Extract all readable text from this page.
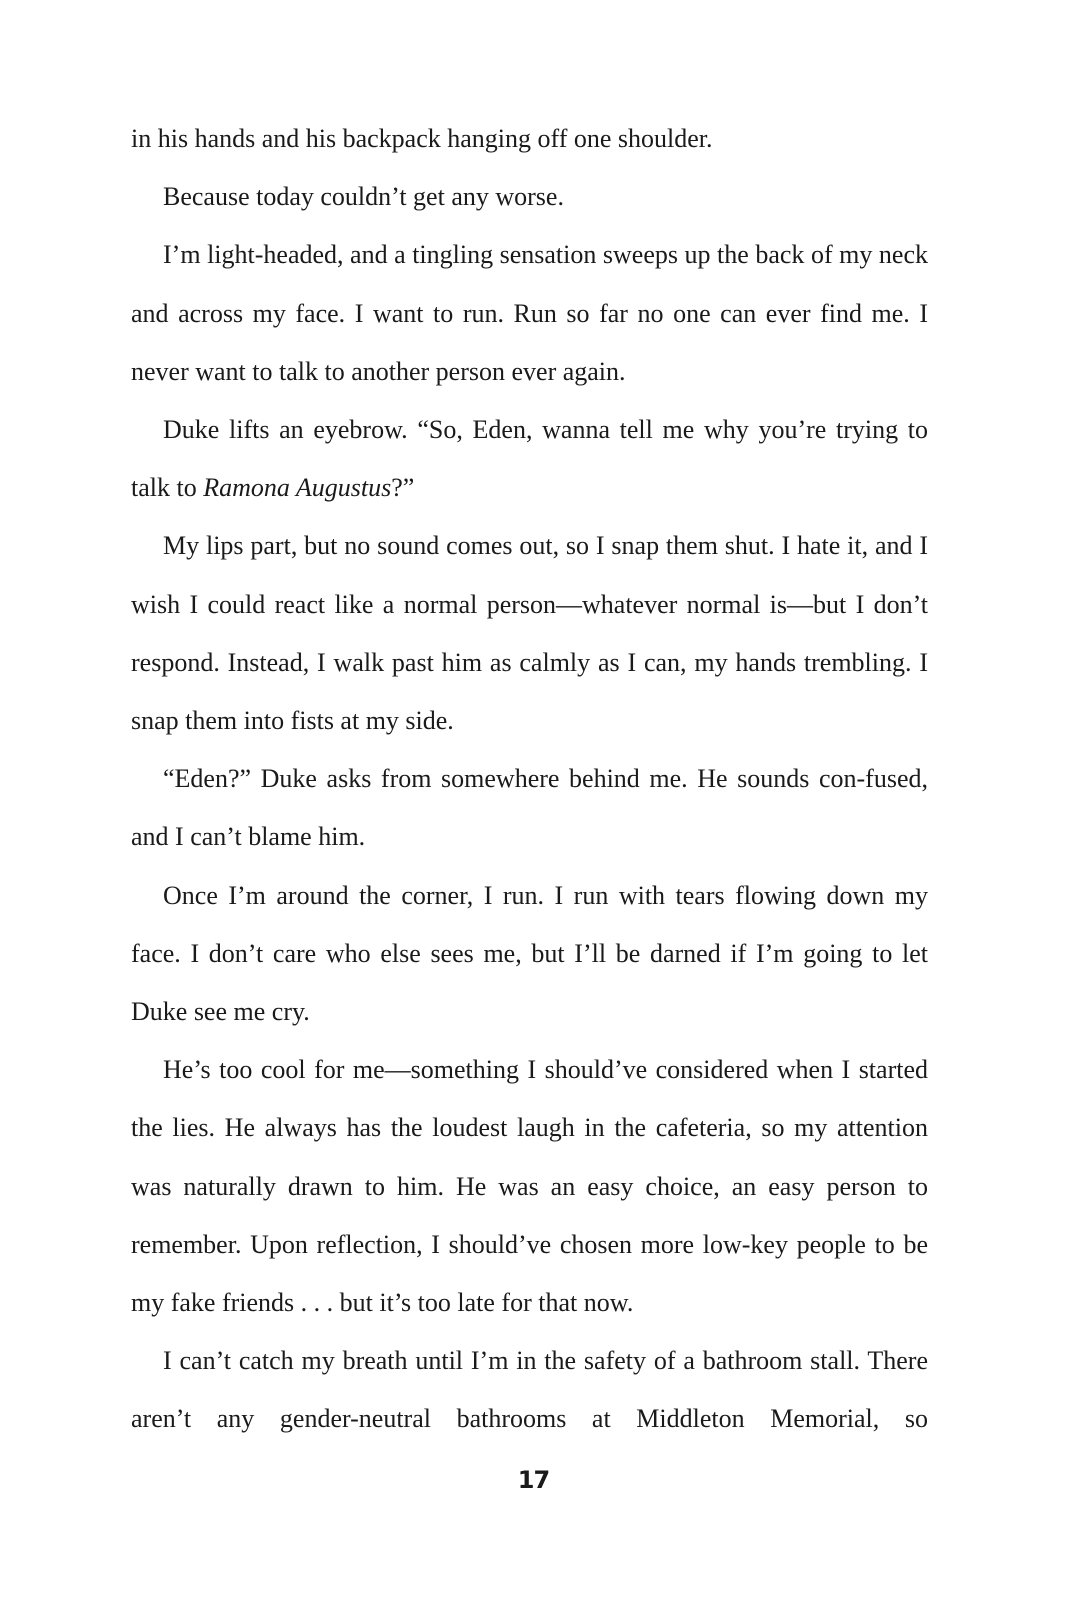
in his hands and his backpack hanging off one shoulder.

Because today couldn’t get any worse.

I’m light-headed, and a tingling sensation sweeps up the back of my neck and across my face. I want to run. Run so far no one can ever find me. I never want to talk to another person ever again.

Duke lifts an eyebrow. “So, Eden, wanna tell me why you’re trying to talk to Ramona Augustus?”

My lips part, but no sound comes out, so I snap them shut. I hate it, and I wish I could react like a normal person—whatever normal is—but I don’t respond. Instead, I walk past him as calmly as I can, my hands trembling. I snap them into fists at my side.

“Eden?” Duke asks from somewhere behind me. He sounds con-​fused, and I can’t blame him.

Once I’m around the corner, I run. I run with tears flowing down my face. I don’t care who else sees me, but I’ll be darned if I’m going to let Duke see me cry.

He’s too cool for me—something I should’ve considered when I started the lies. He always has the loudest laugh in the cafeteria, so my attention was naturally drawn to him. He was an easy choice, an easy person to remember. Upon reflection, I should’ve chosen more low-key people to be my fake friends . . . but it’s too late for that now.

I can’t catch my breath until I’m in the safety of a bathroom stall. There aren’t any gender-neutral bathrooms at Middleton Memorial, so

17
